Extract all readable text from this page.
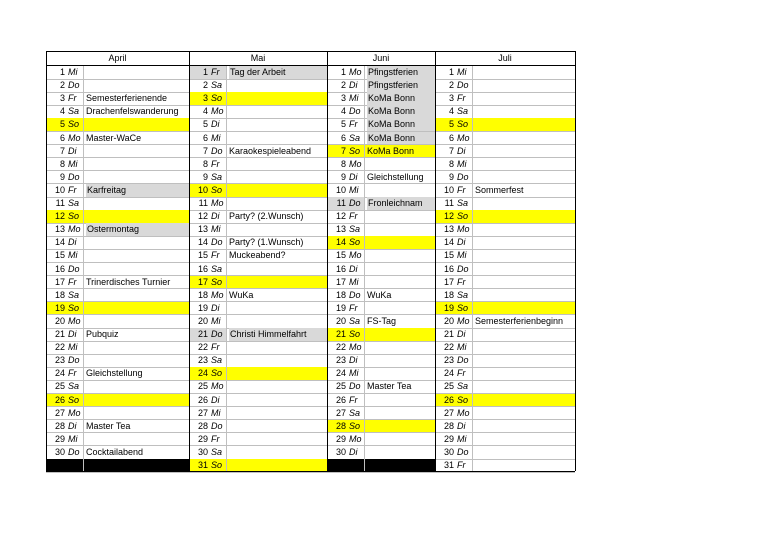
April
1 Mi
2 Do
3 Fr Semesterferienende
4 Sa Drachenfelswanderung
5 So
6 Mo Master-WaCe
7 Di
8 Mi
9 Do
10 Fr Karfreitag
11 Sa
12 So
13 Mo Ostermontag
14 Di
15 Mi
16 Do
17 Fr Trinerdisches Turnier
18 Sa
19 So
20 Mo
21 Di Pubquiz
22 Mi
23 Do
24 Fr Gleichstellung
25 Sa
26 So
27 Mo
28 Di Master Tea
29 Mi
30 Do Cocktailabend
Mai
1 Fr Tag der Arbeit
2 Sa
3 So
4 Mo
5 Di
6 Mi
7 Do Karaokespieleabend
8 Fr
9 Sa
10 So
11 Mo
12 Di Party? (2.Wunsch)
13 Mi
14 Do Party? (1.Wunsch)
15 Fr Muckeabend?
16 Sa
17 So
18 Mo WuKa
19 Di
20 Mi
21 Do Christi Himmelfahrt
22 Fr
23 Sa
24 So
25 Mo
26 Di
27 Mi
28 Do
29 Fr
30 Sa
31 So
Juni
1 Mo Pfingstferien
2 Di Pfingstferien
3 Mi KoMa Bonn
4 Do KoMa Bonn
5 Fr KoMa Bonn
6 Sa KoMa Bonn
7 So KoMa Bonn
8 Mo
9 Di Gleichstellung
10 Mi
11 Do Fronleichnam
12 Fr
13 Sa
14 So
15 Mo
16 Di
17 Mi
18 Do WuKa
19 Fr
20 Sa FS-Tag
21 So
22 Mo
23 Di
24 Mi
25 Do Master Tea
26 Fr
27 Sa
28 So
29 Mo
30 Di
Juli
1 Mi
2 Do
3 Fr
4 Sa
5 So
6 Mo
7 Di
8 Mi
9 Do
10 Fr Sommerfest
11 Sa
12 So
13 Mo
14 Di
15 Mi
16 Do
17 Fr
18 Sa
19 So
20 Mo Semesterferienbeginn
21 Di
22 Mi
23 Do
24 Fr
25 Sa
26 So
27 Mo
28 Di
29 Mi
30 Do
31 Fr
